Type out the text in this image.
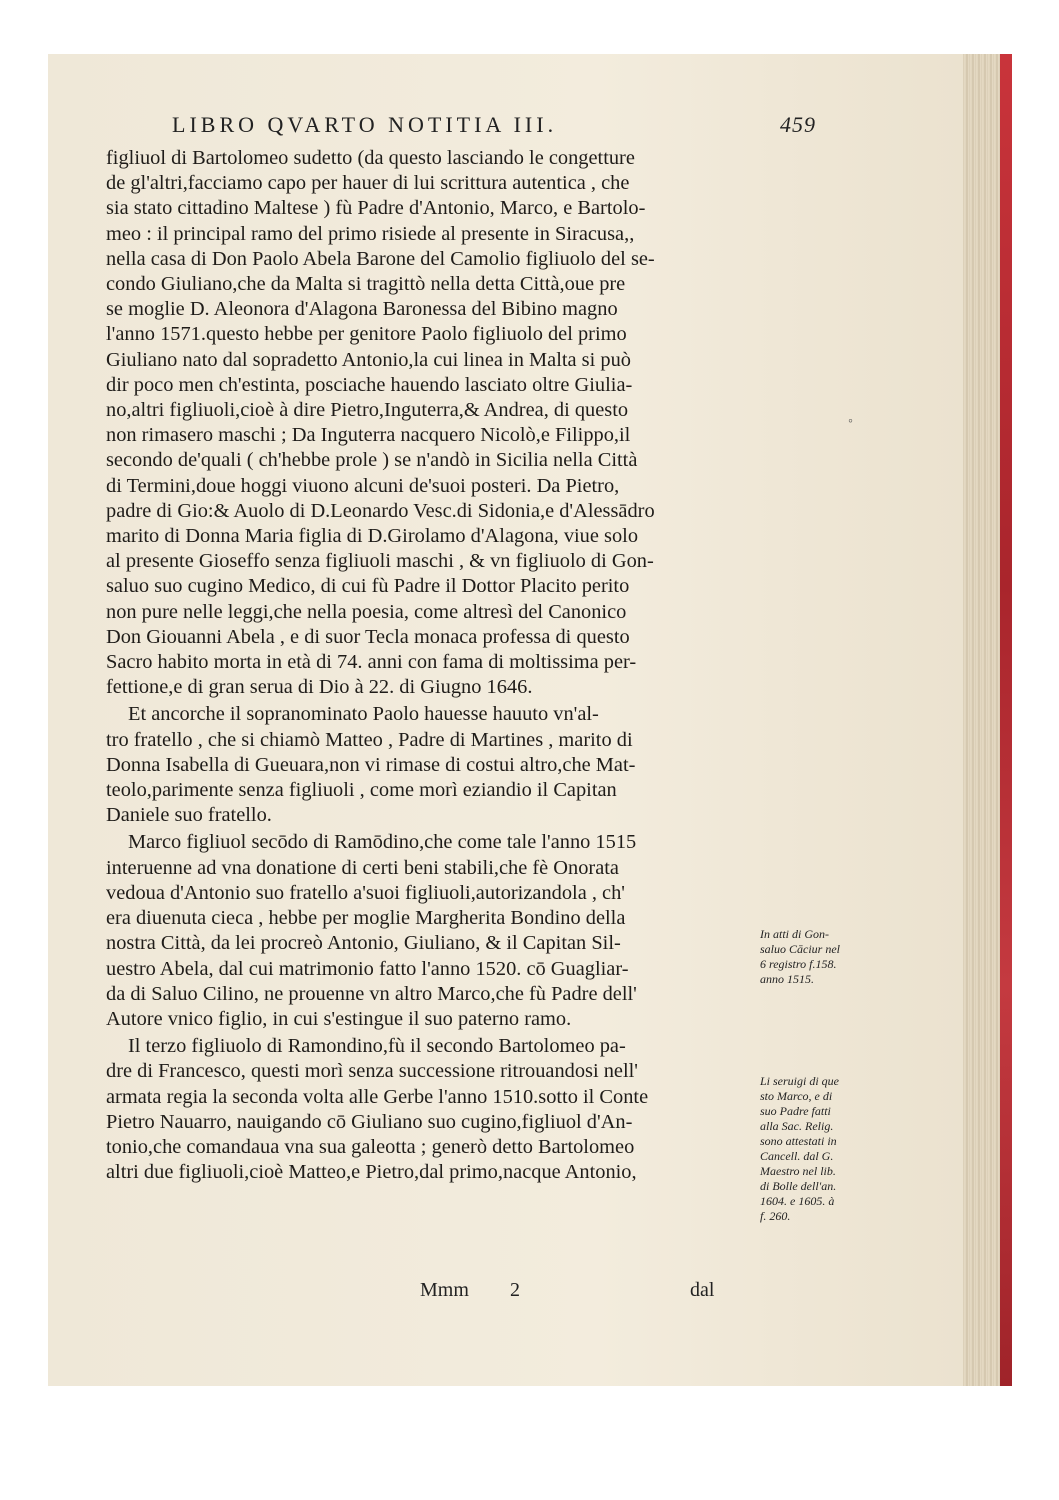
LIBRO QVARTO NOTITIA III.	459

figliuol di Bartolomeo sudetto (da questo lasciando le congetture
de gl'altri,facciamo capo per hauer di lui scrittura autentica , che
sia stato cittadino Maltese ) fù Padre d'Antonio, Marco, e Bartolo-
meo : il principal ramo del primo risiede al presente in Siracusa,,
nella casa di Don Paolo Abela Barone del Camolio figliuolo del se-
condo Giuliano,che da Malta si tragittò nella detta Città,oue pre
se moglie D. Aleonora d'Alagona Baronessa del Bibino magno
l'anno 1571.questo hebbe per genitore Paolo figliuolo del primo
Giuliano nato dal sopradetto Antonio,la cui linea in Malta si può
dir poco men ch'estinta, posciache hauendo lasciato oltre Giulia-
no,altri figliuoli,cioè à dire Pietro,Inguterra,& Andrea, di questo
non rimasero maschi ; Da Inguterra nacquero Nicolò,e Filippo,il
secondo de'quali ( ch'hebbe prole ) se n'andò in Sicilia nella Città
di Termini,doue hoggi viuono alcuni de'suoi posteri. Da Pietro,
padre di Gio:& Auolo di D.Leonardo Vesc.di Sidonia,e d'Alessādro
marito di Donna Maria figlia di D.Girolamo d'Alagona, viue solo
al presente Gioseffo senza figliuoli maschi , & vn figliuolo di Gon-
saluo suo cugino Medico, di cui fù Padre il Dottor Placito perito
non pure nelle leggi,che nella poesia, come altresì del Canonico
Don Giouanni Abela , e di suor Tecla monaca professa di questo
Sacro habito morta in età di 74. anni con fama di moltissima per-
fettione,e di gran serua di Dio à 22. di Giugno 1646.

Et ancorche il sopranominato Paolo hauesse hauuto vn'al-
tro fratello , che si chiamò Matteo , Padre di Martines , marito di
Donna Isabella di Gueuara,non vi rimase di costui altro,che Mat-
teolo,parimente senza figliuoli , come morì eziandio il Capitan
Daniele suo fratello.

Marco figliuol secōdo di Ramōdino,che come tale l'anno 1515
interuenne ad vna donatione di certi beni stabili,che fè Onorata
vedoua d'Antonio suo fratello a'suoi figliuoli,autorizandola , ch'
era diuenuta cieca , hebbe per moglie Margherita Bondino della
nostra Città, da lei procreò Antonio, Giuliano, & il Capitan Sil-
uestro Abela, dal cui matrimonio fatto l'anno 1520. cō Guagliar-
da di Saluo Cilino, ne prouenne vn altro Marco,che fù Padre dell'
Autore vnico figlio, in cui s'estingue il suo paterno ramo.

Il terzo figliuolo di Ramondino,fù il secondo Bartolomeo pa-
dre di Francesco, questi morì senza successione ritrouandosi nell'
armata regia la seconda volta alle Gerbe l'anno 1510.sotto il Conte
Pietro Nauarro, nauigando cō Giuliano suo cugino,figliuol d'An-
tonio,che comandaua vna sua galeotta ; generò detto Bartolomeo
altri due figliuoli,cioè Matteo,e Pietro,dal primo,nacque Antonio,

In atti di Gon-
saluo Cāciur nel
6 registro f.158.
anno 1515.
Li seruigi di que
sto Marco, e di
suo Padre fatti
alla Sac. Relig.
sono attestati in
Cancell. dal G.
Maestro nel lib.
di Bolle dell'an.
1604. e 1605. à
f. 260.
◦ঃ
Mmm 2	dal
